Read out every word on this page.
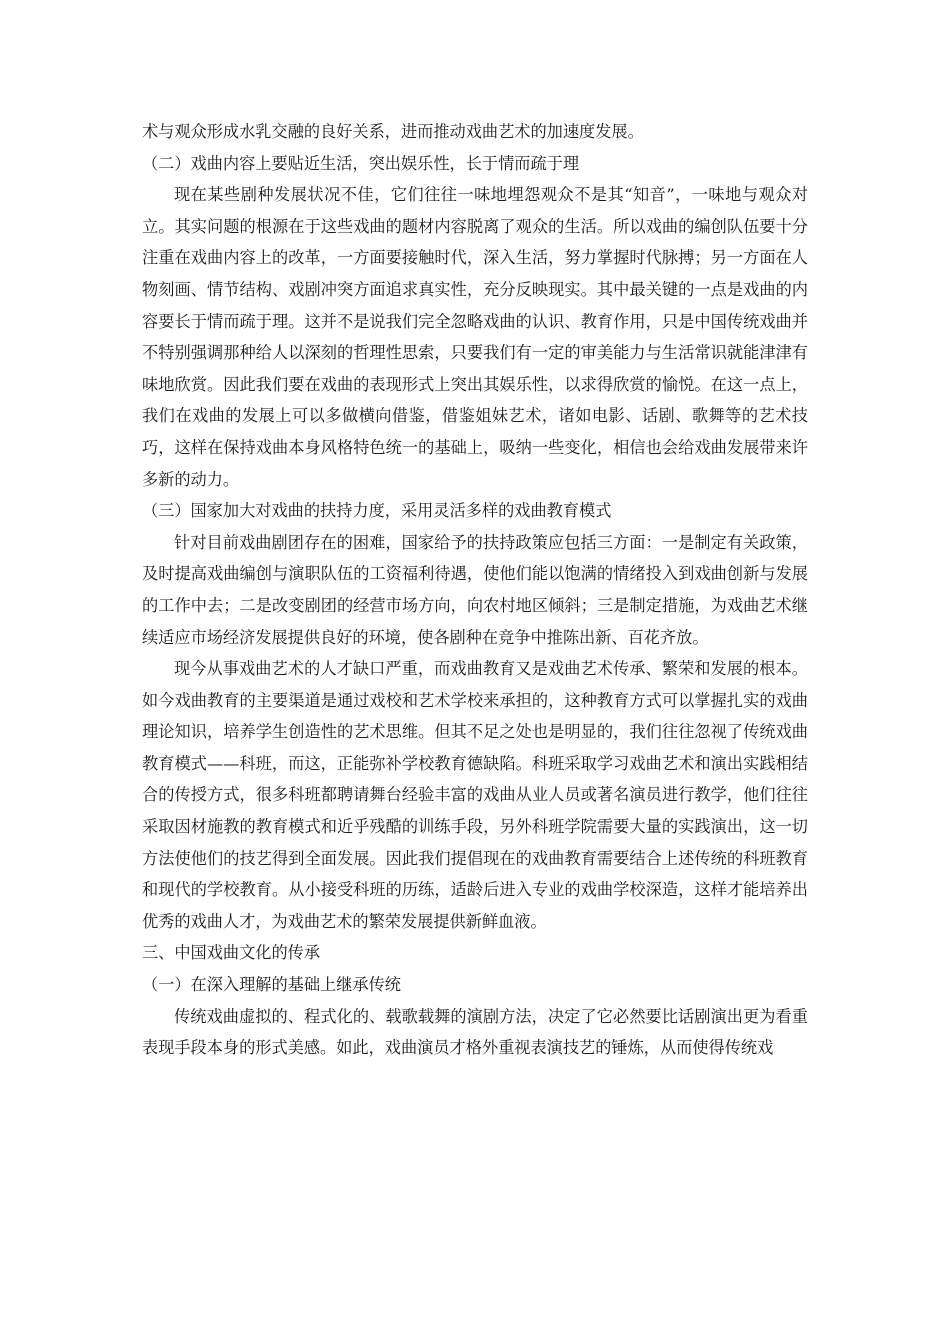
术与观众形成水乳交融的良好关系，进而推动戏曲艺术的加速度发展。

（二）戏曲内容上要贴近生活，突出娱乐性，长于情而疏于理

现在某些剧种发展状况不佳，它们往往一味地埋怨观众不是其“知音”，一味地与观众对立。其实问题的根源在于这些戏曲的题材内容脱离了观众的生活。所以戏曲的编创队伍要十分注重在戏曲内容上的改革，一方面要接触时代，深入生活，努力掌握时代脉搏；另一方面在人物刻画、情节结构、戏剧冲突方面追求真实性，充分反映现实。其中最关键的一点是戏曲的内容要长于情而疏于理。这并不是说我们完全忽略戏曲的认识、教育作用，只是中国传统戏曲并不特别强调那种给人以深刻的哲理性思索，只要我们有一定的审美能力与生活常识就能津津有味地欣赏。因此我们要在戏曲的表现形式上突出其娱乐性，以求得欣赏的愉悦。在这一点上，我们在戏曲的发展上可以多做横向借鉴，借鉴姐妹艺术，诸如电影、话剧、歌舞等的艺术技巧，这样在保持戏曲本身风格特色统一的基础上，吸纳一些变化，相信也会给戏曲发展带来许多新的动力。

（三）国家加大对戏曲的扶持力度，采用灵活多样的戏曲教育模式

针对目前戏曲剧团存在的困难，国家给予的扶持政策应包括三方面：一是制定有关政策，及时提高戏曲编创与演职队伍的工资福利待遇，使他们能以饱满的情绪投入到戏曲创新与发展的工作中去；二是改变剧团的经营市场方向，向农村地区倾斜；三是制定措施，为戏曲艺术继续适应市场经济发展提供良好的环境，使各剧种在竞争中推陈出新、百花齐放。

现今从事戏曲艺术的人才缺口严重，而戏曲教育又是戏曲艺术传承、繁荣和发展的根本。如今戏曲教育的主要渠道是通过戏校和艺术学校来承担的，这种教育方式可以掌握扎实的戏曲理论知识，培养学生创造性的艺术思维。但其不足之处也是明显的，我们往往忽视了传统戏曲教育模式——科班，而这，正能弥补学校教育德缺陷。科班采取学习戏曲艺术和演出实践相结合的传授方式，很多科班都聘请舞台经验丰富的戏曲从业人员或著名演员进行教学，他们往往采取因材施教的教育模式和近乎残酷的训练手段，另外科班学院需要大量的实践演出，这一切方法使他们的技艺得到全面发展。因此我们提倡现在的戏曲教育需要结合上述传统的科班教育和现代的学校教育。从小接受科班的历练，适龄后进入专业的戏曲学校深造，这样才能培养出优秀的戏曲人才，为戏曲艺术的繁荣发展提供新鲜血液。

三、中国戏曲文化的传承

（一）在深入理解的基础上继承传统

传统戏曲虚拟的、程式化的、载歌载舞的演剧方法，决定了它必然要比话剧演出更为看重表现手段本身的形式美感。如此，戏曲演员才格外重视表演技艺的锤炼，从而使得传统戏
